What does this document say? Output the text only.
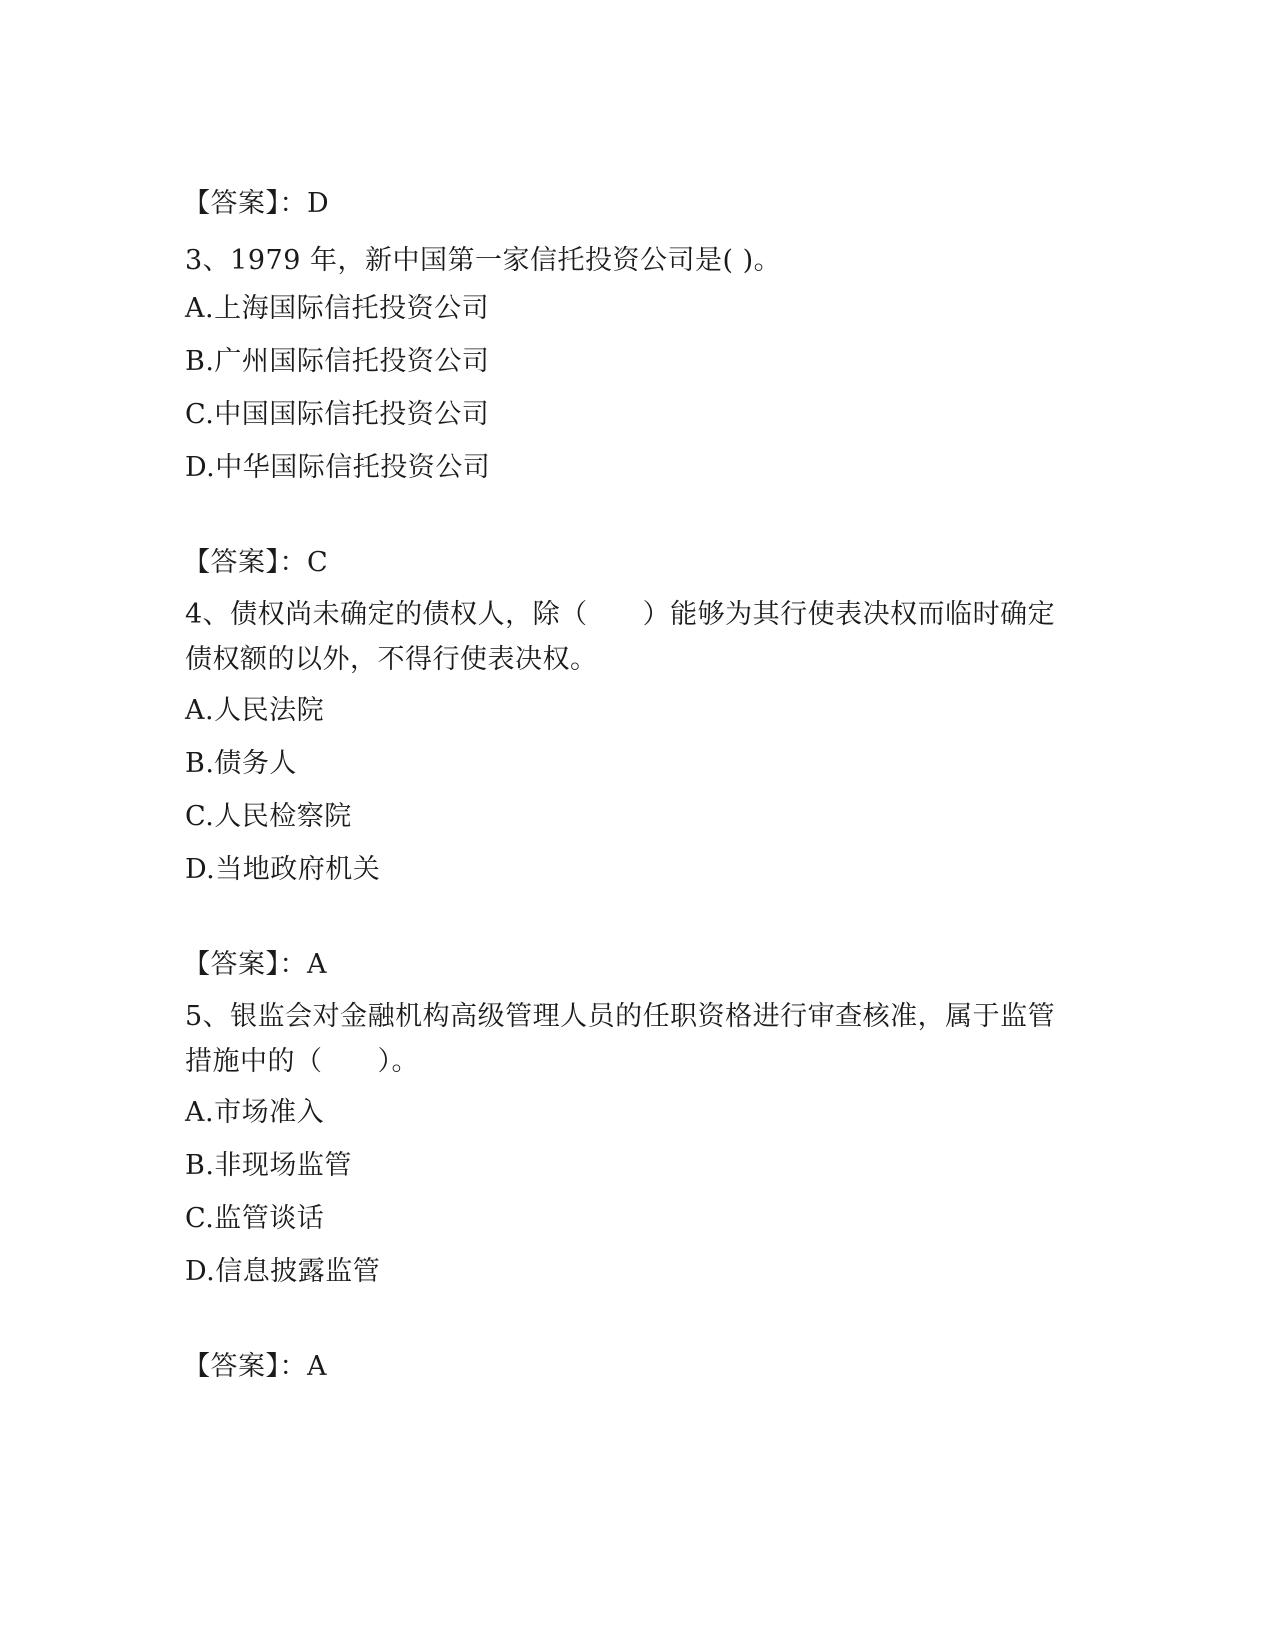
【答案】：D
3、1979 年，新中国第一家信托投资公司是( )。
A.上海国际信托投资公司
B.广州国际信托投资公司
C.中国国际信托投资公司
D.中华国际信托投资公司
【答案】：C
4、债权尚未确定的债权人，除（　　）能够为其行使表决权而临时确定债权额的以外，不得行使表决权。
A.人民法院
B.债务人
C.人民检察院
D.当地政府机关
【答案】：A
5、银监会对金融机构高级管理人员的任职资格进行审查核准，属于监管措施中的（　　）。
A.市场准入
B.非现场监管
C.监管谈话
D.信息披露监管
【答案】：A
